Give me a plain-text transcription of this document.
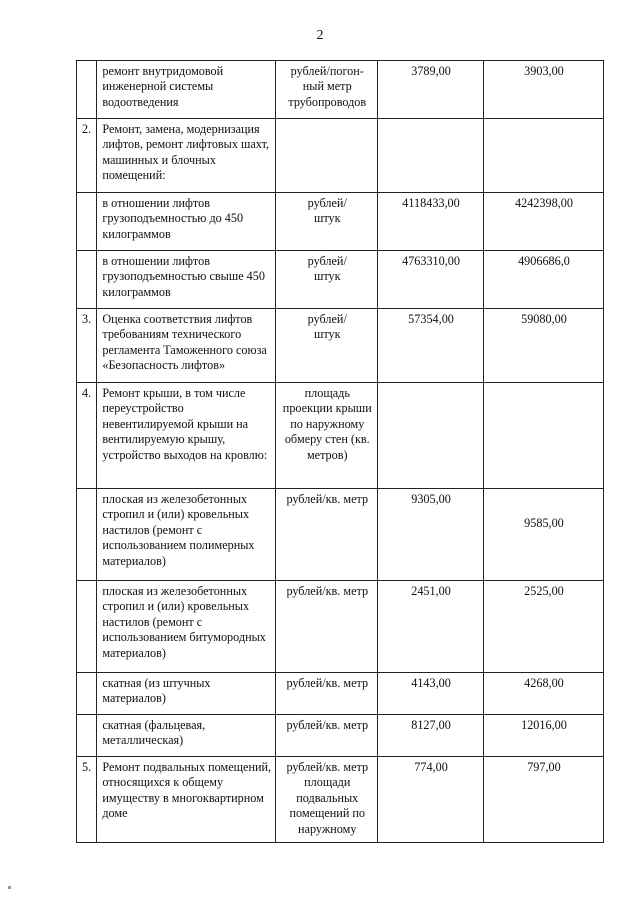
2
	ремонт внутридомовой инженерной системы водоотведения	рублей/погон-
ный метр
трубопроводов	3789,00	3903,00
2.	Ремонт, замена, модернизация лифтов, ремонт лифтовых шахт, машинных и блочных помещений:			
	в отношении лифтов грузоподъемностью до 450 килограммов	рублей/
штук	4118433,00	4242398,00
	в отношении лифтов грузоподъемностью свыше 450 килограммов	рублей/
штук	4763310,00	4906686,0
3.	Оценка соответствия лифтов требованиям технического регламента Таможенного союза «Безопасность лифтов»	рублей/
штук	57354,00	59080,00
4.	Ремонт крыши, в том числе переустройство невентилируемой крыши на вентилируемую крышу, устройство выходов на кровлю:	площадь
проекции крыши
по наружному
обмеру стен (кв.
метров)		
	плоская из железобетонных стропил и (или) кровельных настилов (ремонт с использованием полимерных материалов)	рублей/кв. метр	9305,00	9585,00
	плоская из железобетонных стропил и (или) кровельных настилов (ремонт с использованием битумородных материалов)	рублей/кв. метр	2451,00	2525,00
	скатная (из штучных материалов)	рублей/кв. метр	4143,00	4268,00
	скатная (фальцевая, металлическая)	рублей/кв. метр	8127,00	12016,00
5.	Ремонт подвальных помещений, относящихся к общему имуществу в многоквартирном доме	рублей/кв. метр
площади
подвальных
помещений по
наружному	774,00	797,00
